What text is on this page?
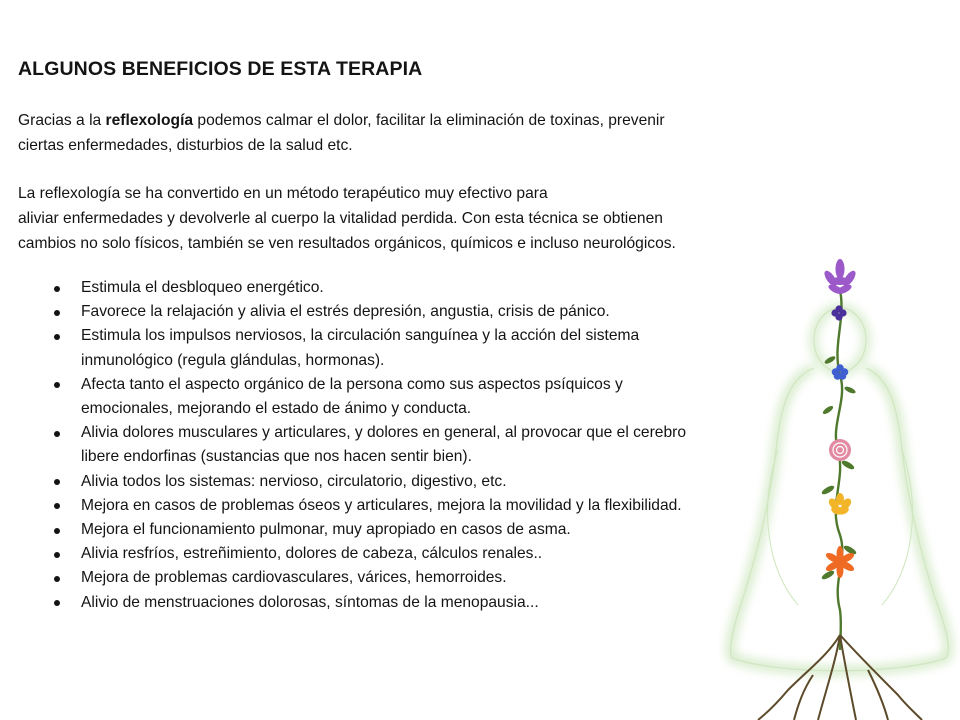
ALGUNOS BENEFICIOS DE ESTA TERAPIA

Gracias a la reflexología podemos calmar el dolor, facilitar la eliminación de toxinas, prevenir
ciertas enfermedades, disturbios de la salud etc.

La reflexología se ha convertido en un método terapéutico muy efectivo para
aliviar enfermedades y devolverle al cuerpo la vitalidad perdida. Con esta técnica se obtienen
cambios no solo físicos, también se ven resultados orgánicos, químicos e incluso neurológicos.

Estimula el desbloqueo energético.
Favorece la relajación y alivia el estrés depresión, angustia, crisis de pánico.
Estimula los impulsos nerviosos, la circulación sanguínea y la acción del sistema
inmunológico (regula glándulas, hormonas).
Afecta tanto el aspecto orgánico de la persona como sus aspectos psíquicos y
emocionales, mejorando el estado de ánimo y conducta.
Alivia dolores musculares y articulares, y dolores en general, al provocar que el cerebro
libere endorfinas (sustancias que nos hacen sentir bien).
Alivia todos los sistemas: nervioso, circulatorio, digestivo, etc.
Mejora en casos de problemas óseos y articulares, mejora la movilidad y la flexibilidad.
Mejora el funcionamiento pulmonar, muy apropiado en casos de asma.
Alivia resfríos, estreñimiento, dolores de cabeza, cálculos renales..
Mejora de problemas cardiovasculares, várices, hemorroides.
Alivio de menstruaciones dolorosas, síntomas de la menopausia...
